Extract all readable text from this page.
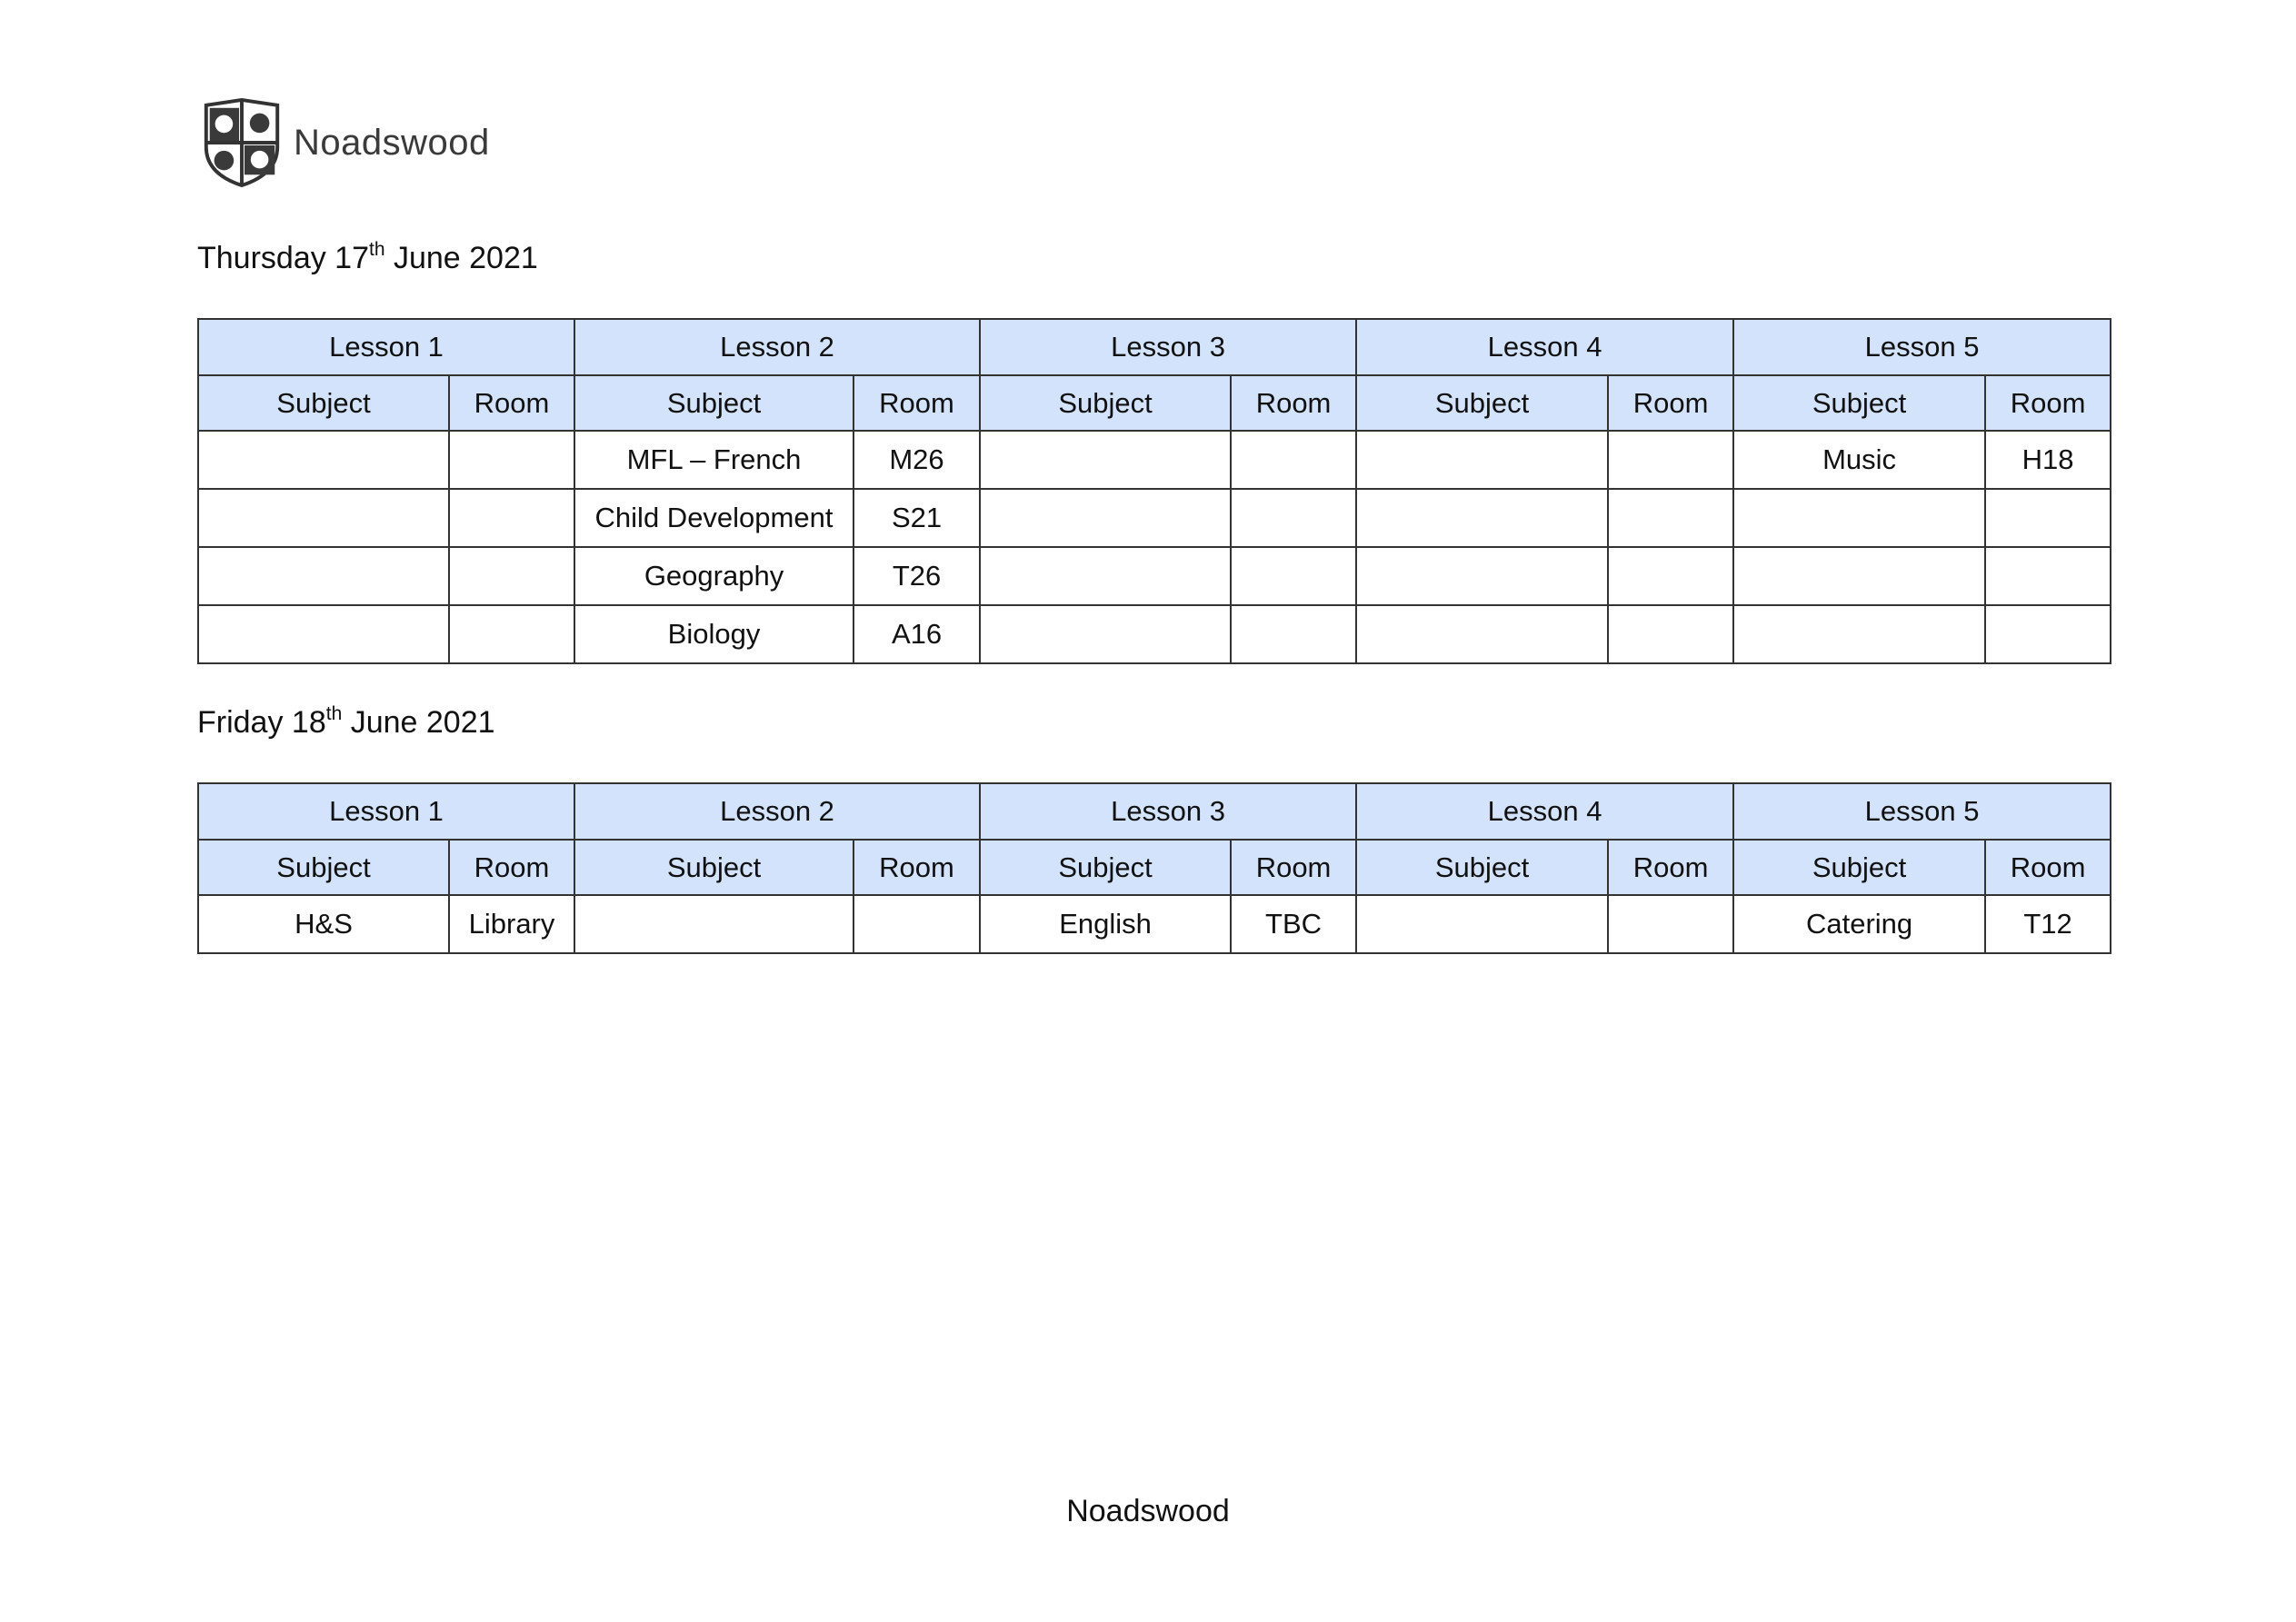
Noadswood
Thursday 17th June 2021
Lesson 1		Lesson 2		Lesson 3		Lesson 4		Lesson 5	
Subject	Room	Subject	Room	Subject	Room	Subject	Room	Subject	Room
		MFL – French	M26					Music	H18
		Child Development	S21						
		Geography	T26						
		Biology	A16						
Friday 18th June 2021
Lesson 1		Lesson 2		Lesson 3		Lesson 4		Lesson 5	
Subject	Room	Subject	Room	Subject	Room	Subject	Room	Subject	Room
H&S	Library			English	TBC			Catering	T12
Noadswood
